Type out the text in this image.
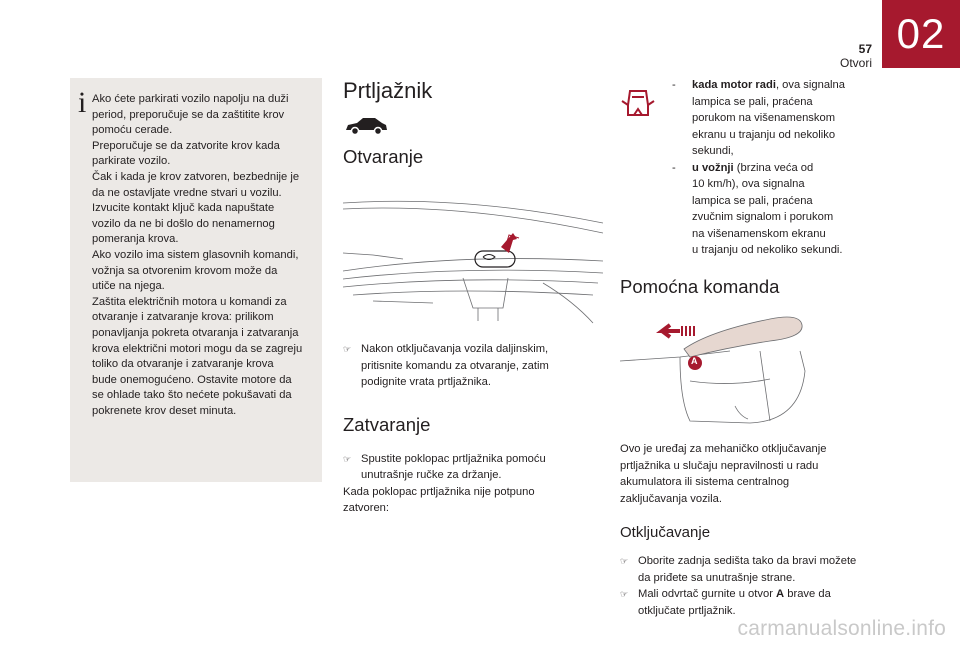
02
57
Otvori
i Ako ćete parkirati vozilo napolju na duži
period, preporučuje se da zaštitite krov
pomoću cerade.
Preporučuje se da zatvorite krov kada
parkirate vozilo.
Čak i kada je krov zatvoren, bezbednije je
da ne ostavljate vredne stvari u vozilu.
Izvucite kontakt ključ kada napuštate
vozilo da ne bi došlo do nenamernog
pomeranja krova.
Ako vozilo ima sistem glasovnih komandi,
vožnja sa otvorenim krovom može da
utiče na njega.
Zaštita električnih motora u komandi za
otvaranje i zatvaranje krova: prilikom
ponavljanja pokreta otvaranja i zatvaranja
krova električni motori mogu da se zagreju
toliko da otvaranje i zatvaranje krova
bude onemogućeno. Ostavite motore da
se ohlade tako što nećete pokušavati da
pokrenete krov deset minuta.

Prtljažnik
Otvaranje
☞ Nakon otključavanja vozila daljinskim,
pritisnite komandu za otvaranje, zatim
podignite vrata prtljažnika.
Zatvaranje
☞ Spustite poklopac prtljažnika pomoću
unutrašnje ručke za držanje.

Kada poklopac prtljažnika nije potpuno
zatvoren:

- kada motor radi, ova signalna
lampica se pali, praćena
porukom na višenamenskom
ekranu u trajanju od nekoliko
sekundi,
- u vožnji (brzina veća od
10 km/h), ova signalna
lampica se pali, praćena
zvučnim signalom i porukom
na višenamenskom ekranu
u trajanju od nekoliko sekundi.
Pomoćna komanda
A

Ovo je uređaj za mehaničko otključavanje
prtljažnika u slučaju nepravilnosti u radu
akumulatora ili sistema centralnog
zaključavanja vozila.

Otključavanje
☞ Oborite zadnja sedišta tako da bravi možete
da priđete sa unutrašnje strane.
☞ Mali odvrtač gurnite u otvor A brave da
otključate prtljažnik.
carmanualsonline.info
